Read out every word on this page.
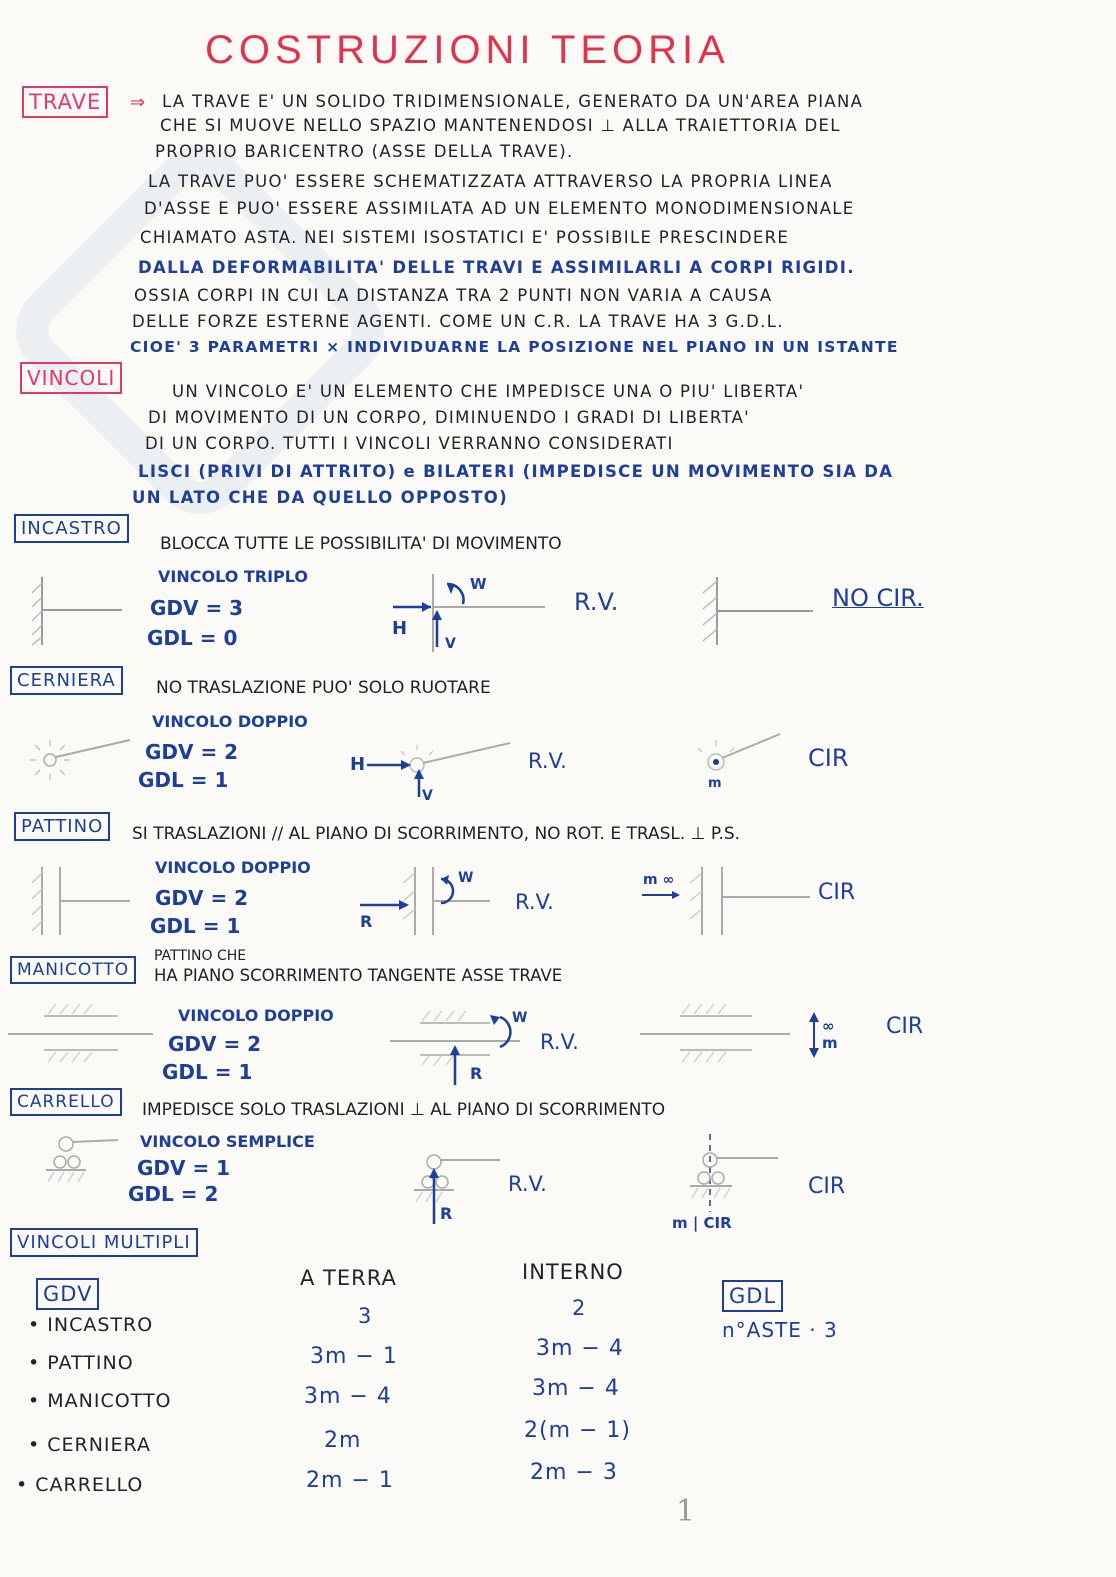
COSTRUZIONI TEORIA
TRAVE	⇒ LA TRAVE E' UN SOLIDO TRIDIMENSIONALE, GENERATO DA UN'AREA PIANA
CHE SI MUOVE NELLO SPAZIO MANTENENDOSI ⊥ ALLA TRAIETTORIA DEL
PROPRIO BARICENTRO (ASSE DELLA TRAVE).
LA TRAVE PUO' ESSERE SCHEMATIZZATA ATTRAVERSO LA PROPRIA LINEA
D'ASSE E PUO' ESSERE ASSIMILATA AD UN ELEMENTO MONODIMENSIONALE
CHIAMATO ASTA. NEI SISTEMI ISOSTATICI E' POSSIBILE PRESCINDERE
DALLA DEFORMABILITA' DELLE TRAVI E ASSIMILARLI A CORPI RIGIDI.
OSSIA CORPI IN CUI LA DISTANZA TRA 2 PUNTI NON VARIA A CAUSA
DELLE FORZE ESTERNE AGENTI. COME UN C.R. LA TRAVE HA 3 G.D.L.
CIOE' 3 PARAMETRI × INDIVIDUARNE LA POSIZIONE NEL PIANO IN UN ISTANTE
VINCOLI
UN VINCOLO E' UN ELEMENTO CHE IMPEDISCE UNA O PIU' LIBERTA'
DI MOVIMENTO DI UN CORPO, DIMINUENDO I GRADI DI LIBERTA'
DI UN CORPO. TUTTI I VINCOLI VERRANNO CONSIDERATI
LISCI (PRIVI DI ATTRITO) e BILATERI (IMPEDISCE UN MOVIMENTO SIA DA
UN LATO CHE DA QUELLO OPPOSTO)
INCASTRO
BLOCCA TUTTE LE POSSIBILITA' DI MOVIMENTO
VINCOLO TRIPLO
GDV = 3
GDL = 0	H
V
W
R.V.	NO CIR.
CERNIERA	NO TRASLAZIONE PUO' SOLO RUOTARE
VINCOLO DOPPIO
GDV = 2
GDL = 1
H
V
R.V.
m
CIR
PATTINO	SI TRASLAZIONI // AL PIANO DI SCORRIMENTO, NO ROT. E TRASL. ⊥ P.S.
VINCOLO DOPPIO
GDV = 2
GDL = 1	R
W
R.V.
m ∞	CIR
PATTINO CHE
MANICOTTO	HA PIANO SCORRIMENTO TANGENTE ASSE TRAVE
VINCOLO DOPPIO
GDV = 2
GDL = 1	R
W
R.V.
∞ m
CIR
CARRELLO	IMPEDISCE SOLO TRASLAZIONI ⊥ AL PIANO DI SCORRIMENTO
VINCOLO SEMPLICE
GDV = 1
GDL = 2
R
R.V.
m | CIR
CIR
VINCOLI MULTIPLI
GDV
A TERRA	INTERNO
GDL
n°ASTE · 3
• INCASTRO	3	2
• PATTINO	3m − 1	3m − 4
• MANICOTTO	3m − 4	3m − 4
• CERNIERA	2m	2(m − 1)
• CARRELLO	2m − 1	2m − 3
1
